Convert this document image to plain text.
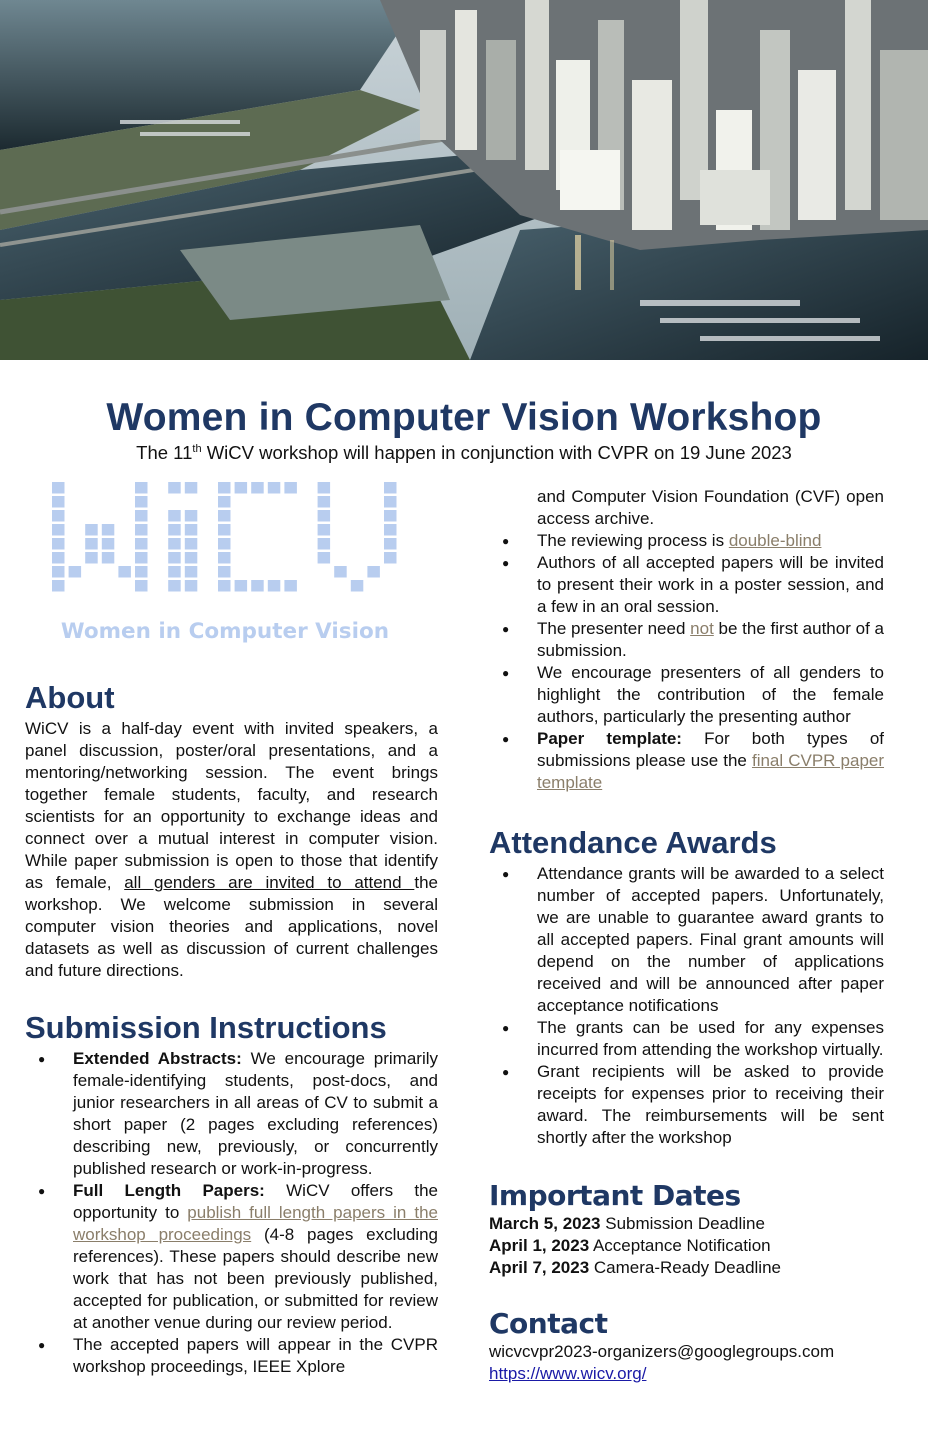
Women in Computer Vision Workshop
The 11th WiCV workshop will happen in conjunction with CVPR on 19 June 2023
Women in Computer Vision
About
WiCV is a half-day event with invited speakers, a panel discussion, poster/oral presentations, and a mentoring/networking session. The event brings together female students, faculty, and research scientists for an opportunity to exchange ideas and connect over a mutual interest in computer vision. While paper submission is open to those that identify as female, all genders are invited to attend the workshop. We welcome submission in several computer vision theories and applications, novel datasets as well as discussion of current challenges and future directions.
Submission Instructions
● Extended Abstracts: We encourage primarily female-identifying students, post-docs, and junior researchers in all areas of CV to submit a short paper (2 pages excluding references) describing new, previously, or concurrently published research or work-in-progress.
● Full Length Papers: WiCV offers the opportunity to publish full length papers in the workshop proceedings (4-8 pages excluding references). These papers should describe new work that has not been previously published, accepted for publication, or submitted for review at another venue during our review period.
● The accepted papers will appear in the CVPR workshop proceedings, IEEE Xplore
and Computer Vision Foundation (CVF) open access archive.
● The reviewing process is double-blind
● Authors of all accepted papers will be invited to present their work in a poster session, and a few in an oral session.
● The presenter need not be the first author of a submission.
● We encourage presenters of all genders to highlight the contribution of the female authors, particularly the presenting author
● Paper template: For both types of submissions please use the final CVPR paper template
Attendance Awards
● Attendance grants will be awarded to a select number of accepted papers. Unfortunately, we are unable to guarantee award grants to all accepted papers. Final grant amounts will depend on the number of applications received and will be announced after paper acceptance notifications
● The grants can be used for any expenses incurred from attending the workshop virtually.
● Grant recipients will be asked to provide receipts for expenses prior to receiving their award. The reimbursements will be sent shortly after the workshop
Important Dates
March 5, 2023 Submission Deadline
April 1, 2023 Acceptance Notification
April 7, 2023 Camera-Ready Deadline
Contact
wicvcvpr2023-organizers@googlegroups.com
https://www.wicv.org/
